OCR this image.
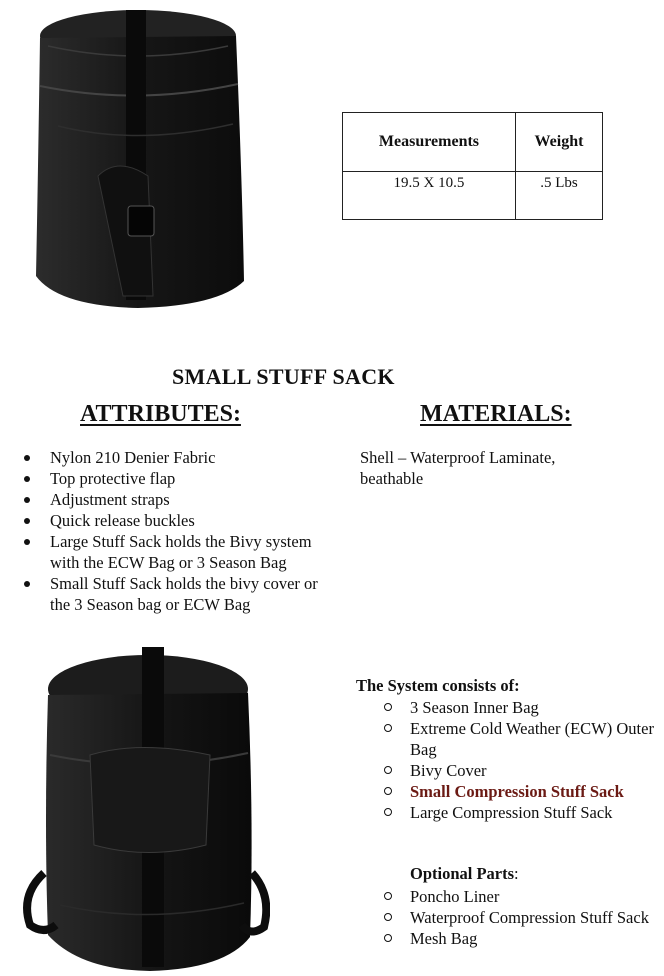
Measurements	Weight
19.5 X 10.5	.5 Lbs
SMALL STUFF SACK
ATTRIBUTES:	MATERIALS:
Nylon 210 Denier Fabric
Top protective flap
Adjustment straps
Quick release buckles
Large Stuff Sack holds the Bivy system with the ECW Bag or 3 Season Bag
Small Stuff Sack holds the bivy cover or the 3 Season bag or ECW Bag
Shell – Waterproof Laminate, beathable
The System consists of:
3 Season Inner Bag
Extreme Cold Weather (ECW) Outer Bag
Bivy Cover
Small Compression Stuff Sack
Large Compression Stuff Sack
Optional Parts:
Poncho Liner
Waterproof Compression Stuff Sack
Mesh Bag
